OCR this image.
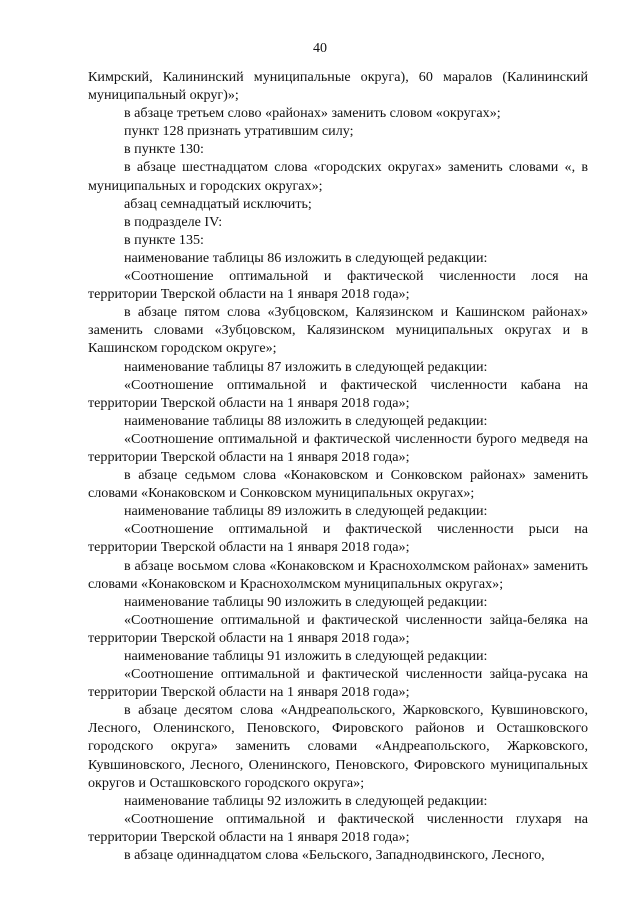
40

Кимрский, Калининский муниципальные округа), 60 маралов (Калининский муниципальный округ)»;

в абзаце третьем слово «районах» заменить словом «округах»;

пункт 128 признать утратившим силу;

в пункте 130:

в абзаце шестнадцатом слова «городских округах» заменить словами «, в муниципальных и городских округах»;

абзац семнадцатый исключить;

в подразделе IV:

в пункте 135:

наименование таблицы 86 изложить в следующей редакции:

«Соотношение оптимальной и фактической численности лося на территории Тверской области на 1 января 2018 года»;

в абзаце пятом слова «Зубцовском, Калязинском и Кашинском районах» заменить словами «Зубцовском, Калязинском муниципальных округах и в Кашинском городском округе»;

наименование таблицы 87 изложить в следующей редакции:

«Соотношение оптимальной и фактической численности кабана на территории Тверской области на 1 января 2018 года»;

наименование таблицы 88 изложить в следующей редакции:

«Соотношение оптимальной и фактической численности бурого медведя на территории Тверской области на 1 января 2018 года»;

в абзаце седьмом слова «Конаковском и Сонковском районах» заменить словами «Конаковском и Сонковском муниципальных округах»;

наименование таблицы 89 изложить в следующей редакции:

«Соотношение оптимальной и фактической численности рыси на территории Тверской области на 1 января 2018 года»;

в абзаце восьмом слова «Конаковском и Краснохолмском районах» заменить словами «Конаковском и Краснохолмском муниципальных округах»;

наименование таблицы 90 изложить в следующей редакции:

«Соотношение оптимальной и фактической численности зайца-беляка на территории Тверской области на 1 января 2018 года»;

наименование таблицы 91 изложить в следующей редакции:

«Соотношение оптимальной и фактической численности зайца-русака на территории Тверской области на 1 января 2018 года»;

в абзаце десятом слова «Андреапольского, Жарковского, Кувшиновского, Лесного, Оленинского, Пеновского, Фировского районов и Осташковского городского округа» заменить словами «Андреапольского, Жарковского, Кувшиновского, Лесного, Оленинского, Пеновского, Фировского муниципальных округов и Осташковского городского округа»;

наименование таблицы 92 изложить в следующей редакции:

«Соотношение оптимальной и фактической численности глухаря на территории Тверской области на 1 января 2018 года»;

в абзаце одиннадцатом слова «Бельского, Западнодвинского, Лесного,
